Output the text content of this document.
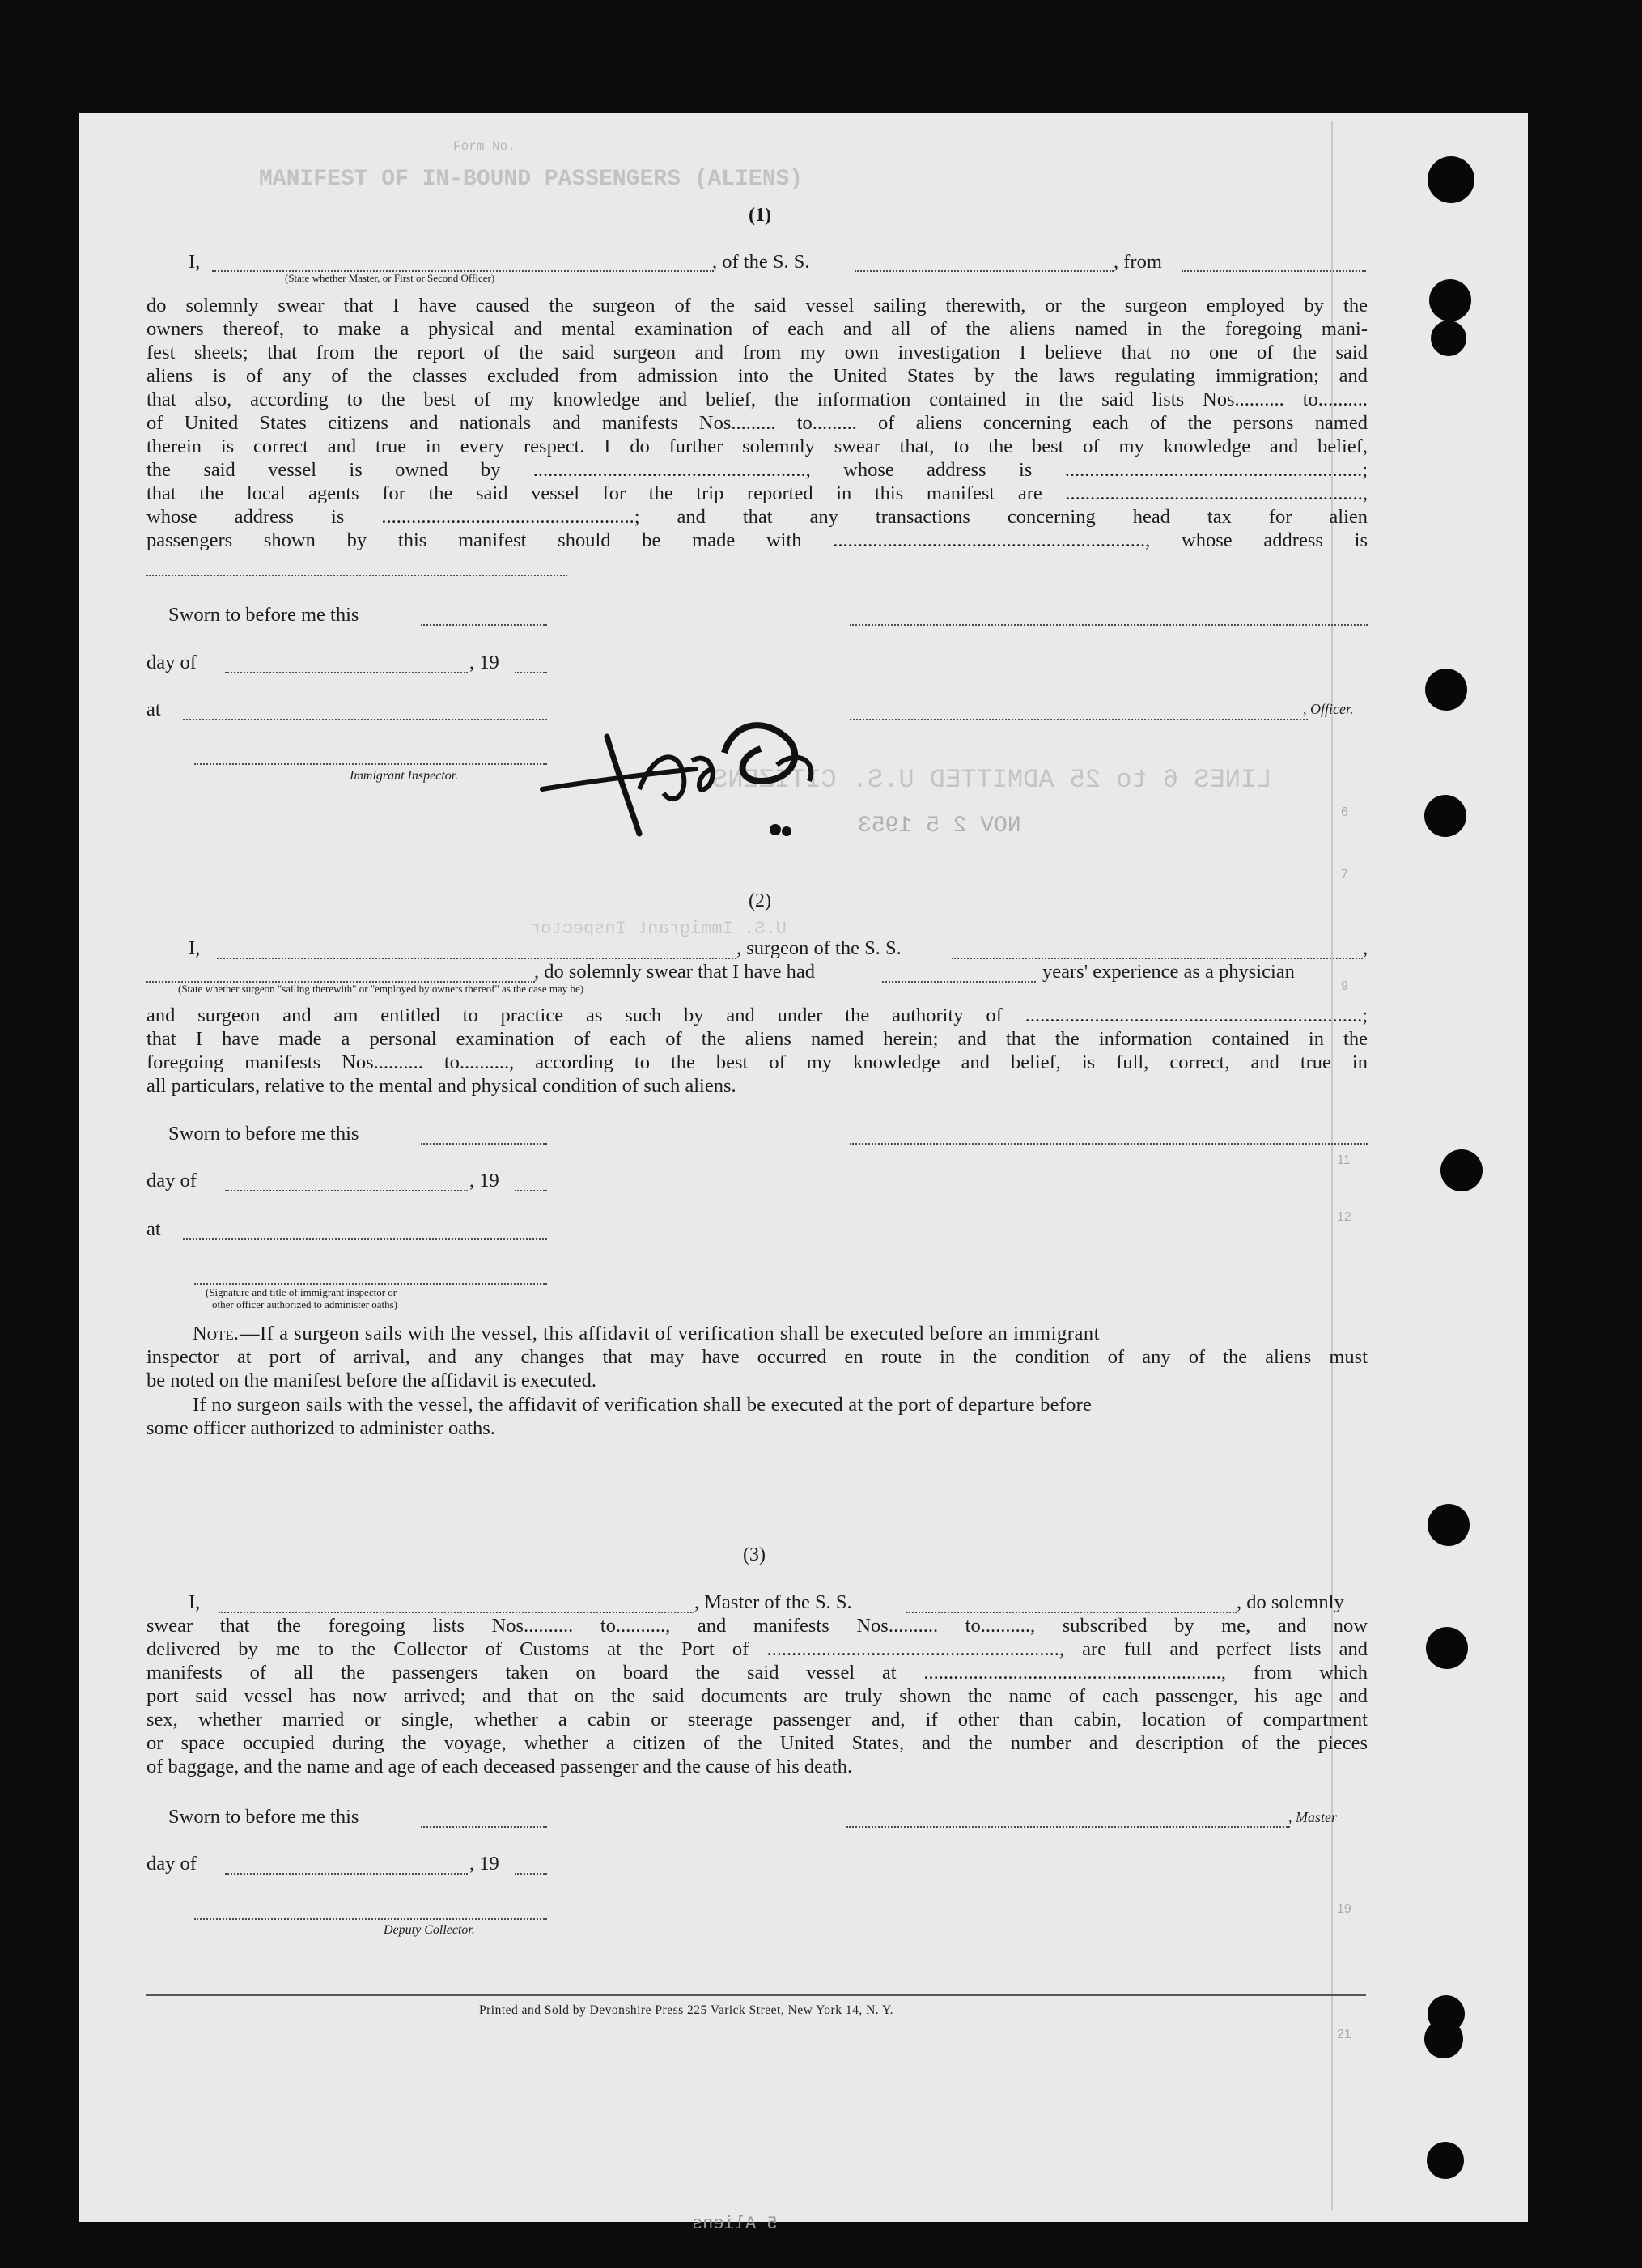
Form No.
MANIFEST OF IN-BOUND PASSENGERS (ALIENS)
LINES 6 to 25 ADMITTED U.S. CITIZENS
NOV 2 5 1953
U.S. Immigrant Inspector
6
7
9
11
12
19
21
(1)
I,	, of the S. S.	, from
(State whether Master, or First or Second Officer)
do solemnly swear that I have caused the surgeon of the said vessel sailing therewith, or the surgeon employed by the
owners thereof, to make a physical and mental examination of each and all of the aliens named in the foregoing mani-
fest sheets; that from the report of the said surgeon and from my own investigation I believe that no one of the said
aliens is of any of the classes excluded from admission into the United States by the laws regulating immigration; and
that also, according to the best of my knowledge and belief, the information contained in the said lists Nos.......... to..........
of United States citizens and nationals and manifests Nos......... to......... of aliens concerning each of the persons named
therein is correct and true in every respect. I do further solemnly swear that, to the best of my knowledge and belief,
the said vessel is owned by ......................................................., whose address is ............................................................;
that the local agents for the said vessel for the trip reported in this manifest are ............................................................,
whose address is ...................................................; and that any transactions concerning head tax for alien
passengers shown by this manifest should be made with ..............................................................., whose address is
Sworn to before me this
day of	, 19
at	, Officer.
Immigrant Inspector.
(2)
I,	, surgeon of the S. S.	,
, do solemnly swear that I have had	years' experience as a physician
(State whether surgeon "sailing therewith" or "employed by owners thereof" as the case may be)
and surgeon and am entitled to practice as such by and under the authority of ....................................................................;
that I have made a personal examination of each of the aliens named herein; and that the information contained in the
foregoing manifests Nos.......... to.........., according to the best of my knowledge and belief, is full, correct, and true in
all particulars, relative to the mental and physical condition of such aliens.
Sworn to before me this
day of	, 19
at
(Signature and title of immigrant inspector or
other officer authorized to administer oaths)
Note. —If a surgeon sails with the vessel, this affidavit of verification shall be executed before an immigrant
inspector at port of arrival, and any changes that may have occurred en route in the condition of any of the aliens must
be noted on the manifest before the affidavit is executed.
If no surgeon sails with the vessel, the affidavit of verification shall be executed at the port of departure before
some officer authorized to administer oaths.
(3)
I,	, Master of the S. S.	, do solemnly
swear that the foregoing lists Nos.......... to.........., and manifests Nos.......... to.........., subscribed by me, and now
delivered by me to the Collector of Customs at the Port of ..........................................................., are full and perfect lists and
manifests of all the passengers taken on board the said vessel at ............................................................, from which
port said vessel has now arrived; and that on the said documents are truly shown the name of each passenger, his age and
sex, whether married or single, whether a cabin or steerage passenger and, if other than cabin, location of compartment
or space occupied during the voyage, whether a citizen of the United States, and the number and description of the pieces
of baggage, and the name and age of each deceased passenger and the cause of his death.
Sworn to before me this	, Master
day of	, 19
Deputy Collector.
Printed and Sold by Devonshire Press 225 Varick Street, New York 14, N. Y.
5 Aliens
